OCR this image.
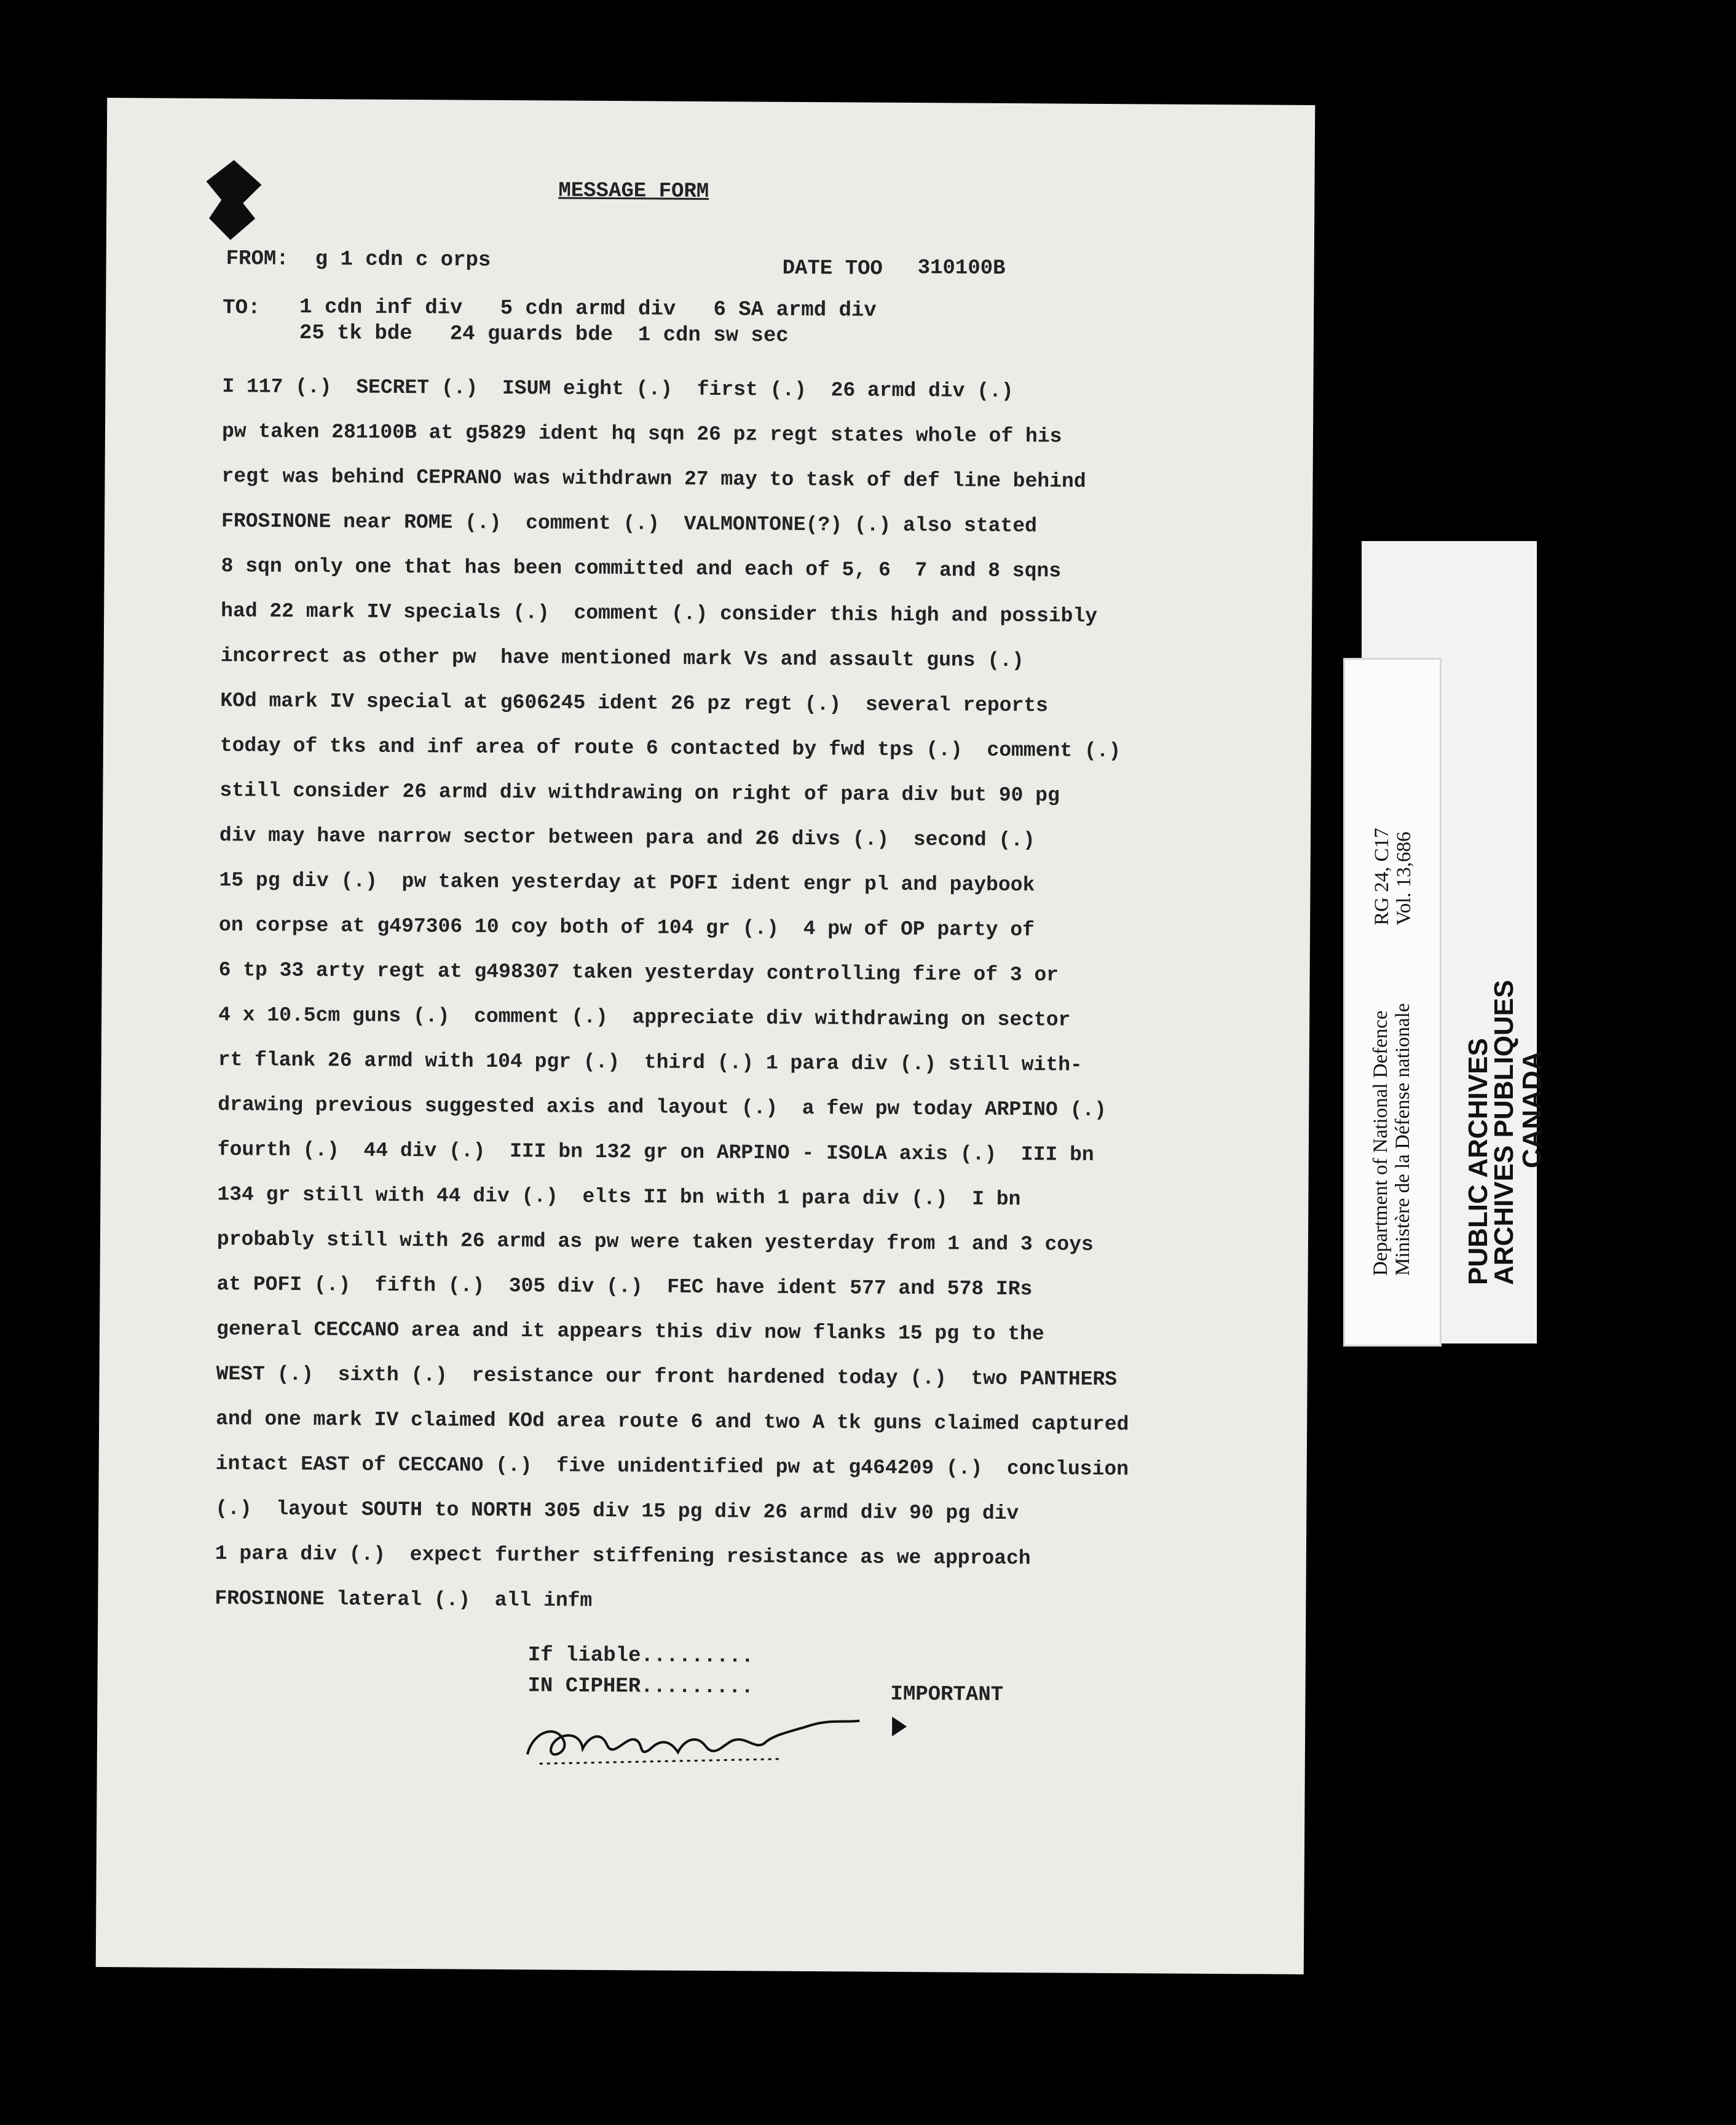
MESSAGE FORM
FROM: g 1 cdn c orps	DATE TOO 310100B
TO: 1 cdn inf div   5 cdn armd div   6 SA armd div
25 tk bde   24 guards bde  1 cdn sw sec
I 117 (.)  SECRET (.)  ISUM eight (.)  first (.)  26 armd div (.)
pw taken 281100B at g5829 ident hq sqn 26 pz regt states whole of his
regt was behind CEPRANO was withdrawn 27 may to task of def line behind
FROSINONE near ROME (.)  comment (.)  VALMONTONE(?) (.) also stated
8 sqn only one that has been committed and each of 5, 6  7 and 8 sqns
had 22 mark IV specials (.)  comment (.) consider this high and possibly
incorrect as other pw  have mentioned mark Vs and assault guns (.)
KOd mark IV special at g606245 ident 26 pz regt (.)  several reports
today of tks and inf area of route 6 contacted by fwd tps (.)  comment (.)
still consider 26 armd div withdrawing on right of para div but 90 pg
div may have narrow sector between para and 26 divs (.)  second (.)
15 pg div (.)  pw taken yesterday at POFI ident engr pl and paybook
on corpse at g497306 10 coy both of 104 gr (.)  4 pw of OP party of
6 tp 33 arty regt at g498307 taken yesterday controlling fire of 3 or
4 x 10.5cm guns (.)  comment (.)  appreciate div withdrawing on sector
rt flank 26 armd with 104 pgr (.)  third (.) 1 para div (.) still with-
drawing previous suggested axis and layout (.)  a few pw today ARPINO (.)
fourth (.)  44 div (.)  III bn 132 gr on ARPINO - ISOLA axis (.)  III bn
134 gr still with 44 div (.)  elts II bn with 1 para div (.)  I bn
probably still with 26 armd as pw were taken yesterday from 1 and 3 coys
at POFI (.)  fifth (.)  305 div (.)  FEC have ident 577 and 578 IRs
general CECCANO area and it appears this div now flanks 15 pg to the
WEST (.)  sixth (.)  resistance our front hardened today (.)  two PANTHERS
and one mark IV claimed KOd area route 6 and two A tk guns claimed captured
intact EAST of CECCANO (.)  five unidentified pw at g464209 (.)  conclusion
(.)  layout SOUTH to NORTH 305 div 15 pg div 26 armd div 90 pg div
1 para div (.)  expect further stiffening resistance as we approach
FROSINONE lateral (.)  all infm
If liable.........
IN CIPHER.........	IMPORTANT
Department of National Defence Ministère de la Défense nationale
RG 24, C17 Vol. 13,686
PUBLIC ARCHIVES
ARCHIVES PUBLIQUES
CANADA
